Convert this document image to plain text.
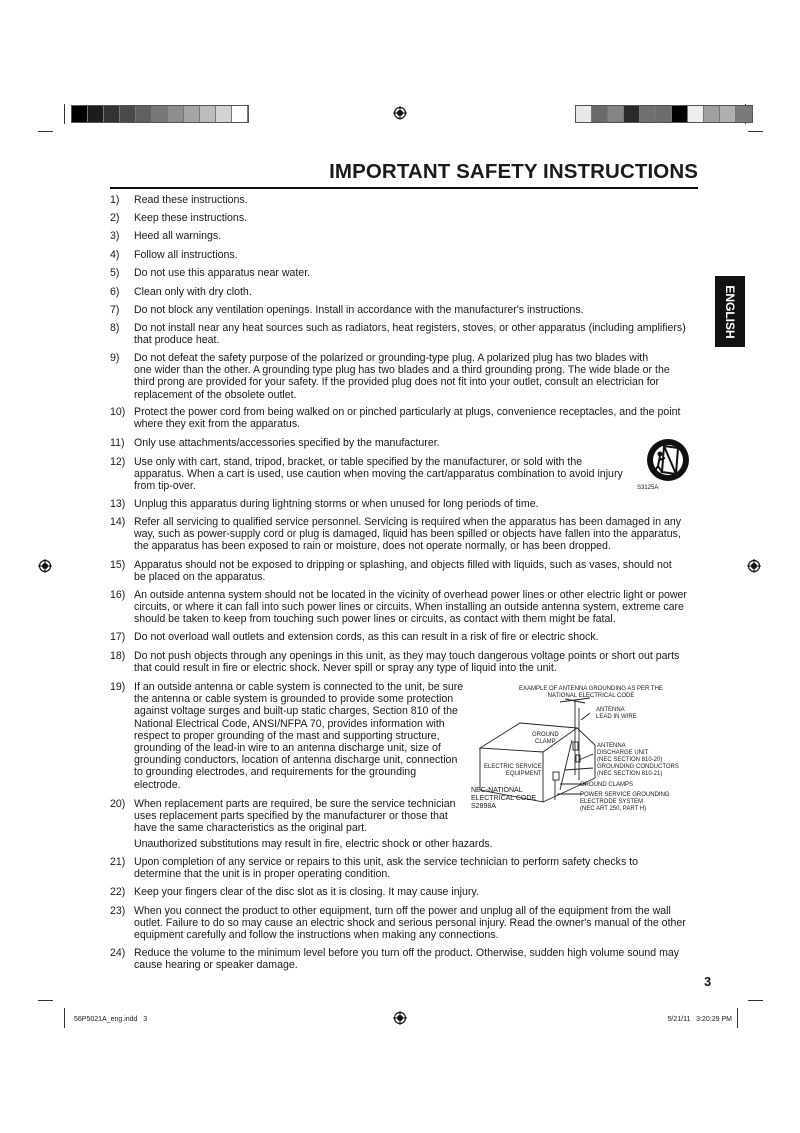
IMPORTANT SAFETY INSTRUCTIONS
ENGLISH
1)	Read these instructions.
2)	Keep these instructions.
3)	Heed all warnings.
4)	Follow all instructions.
5)	Do not use this apparatus near water.
6)	Clean only with dry cloth.
7)	Do not block any ventilation openings. Install in accordance with the manufacturer's instructions.
8)	Do not install near any heat sources such as radiators, heat registers, stoves, or other apparatus (including amplifiers)
that produce heat.
9)	Do not defeat the safety purpose of the polarized or grounding-type plug. A polarized plug has two blades with
one wider than the other. A grounding type plug has two blades and a third grounding prong. The wide blade or the
third prong are provided for your safety. If the provided plug does not fit into your outlet, consult an electrician for
replacement of the obsolete outlet.
10) Protect the power cord from being walked on or pinched particularly at plugs, convenience receptacles, and the point
where they exit from the apparatus.
11) Only use attachments/accessories specified by the manufacturer.
12) Use only with cart, stand, tripod, bracket, or table specified by the manufacturer, or sold with the
apparatus. When a cart is used, use caution when moving the cart/apparatus combination to avoid injury
from tip-over.
13) Unplug this apparatus during lightning storms or when unused for long periods of time.
14) Refer all servicing to qualified service personnel. Servicing is required when the apparatus has been damaged in any
way, such as power-supply cord or plug is damaged, liquid has been spilled or objects have fallen into the apparatus,
the apparatus has been exposed to rain or moisture, does not operate normally, or has been dropped.
15) Apparatus should not be exposed to dripping or splashing, and objects filled with liquids, such as vases, should not
be placed on the apparatus.
16) An outside antenna system should not be located in the vicinity of overhead power lines or other electric light or power
circuits, or where it can fall into such power lines or circuits. When installing an outside antenna system, extreme care
should be taken to keep from touching such power lines or circuits, as contact with them might be fatal.
17) Do not overload wall outlets and extension cords, as this can result in a risk of fire or electric shock.
18) Do not push objects through any openings in this unit, as they may touch dangerous voltage points or short out parts
that could result in fire or electric shock. Never spill or spray any type of liquid into the unit.
19) If an outside antenna or cable system is connected to the unit, be sure
the antenna or cable system is grounded to provide some protection
against voltage surges and built-up static charges, Section 810 of the
National Electrical Code, ANSI/NFPA 70, provides information with
respect to proper grounding of the mast and supporting structure,
grounding of the lead-in wire to an antenna discharge unit, size of
grounding conductors, location of antenna discharge unit, connection
to grounding electrodes, and requirements for the grounding
electrode.
20) When replacement parts are required, be sure the service technician
uses replacement parts specified by the manufacturer or those that
have the same characteristics as the original part.
Unauthorized substitutions may result in fire, electric shock or other hazards.
21) Upon completion of any service or repairs to this unit, ask the service technician to perform safety checks to
determine that the unit is in proper operating condition.
22) Keep your fingers clear of the disc slot as it is closing. It may cause injury.
23) When you connect the product to other equipment, turn off the power and unplug all of the equipment from the wall
outlet. Failure to do so may cause an electric shock and serious personal injury. Read the owner's manual of the other
equipment carefully and follow the instructions when making any connections.
24) Reduce the volume to the minimum level before you turn off the product. Otherwise, sudden high volume sound may
cause hearing or speaker damage.
S3125A
EXAMPLE OF ANTENNA GROUNDING AS PER THE
NATIONAL ELECTRICAL CODE
ANTENNA
LEAD IN WIRE
GROUND
CLAMP
ANTENNA
DISCHARGE UNIT
(NEC SECTION 810-20)
ELECTRIC SERVICE
EQUIPMENT
GROUNDING CONDUCTORS
(NEC SECTION 810-21)
GROUND CLAMPS
POWER SERVICE GROUNDING
ELECTRODE SYSTEM
(NEC ART 250, PART H)
NEC-NATIONAL
ELECTRICAL CODE
S2898A
3
56P5021A_eng.indd   3	5/21/11   3:20:29 PM
